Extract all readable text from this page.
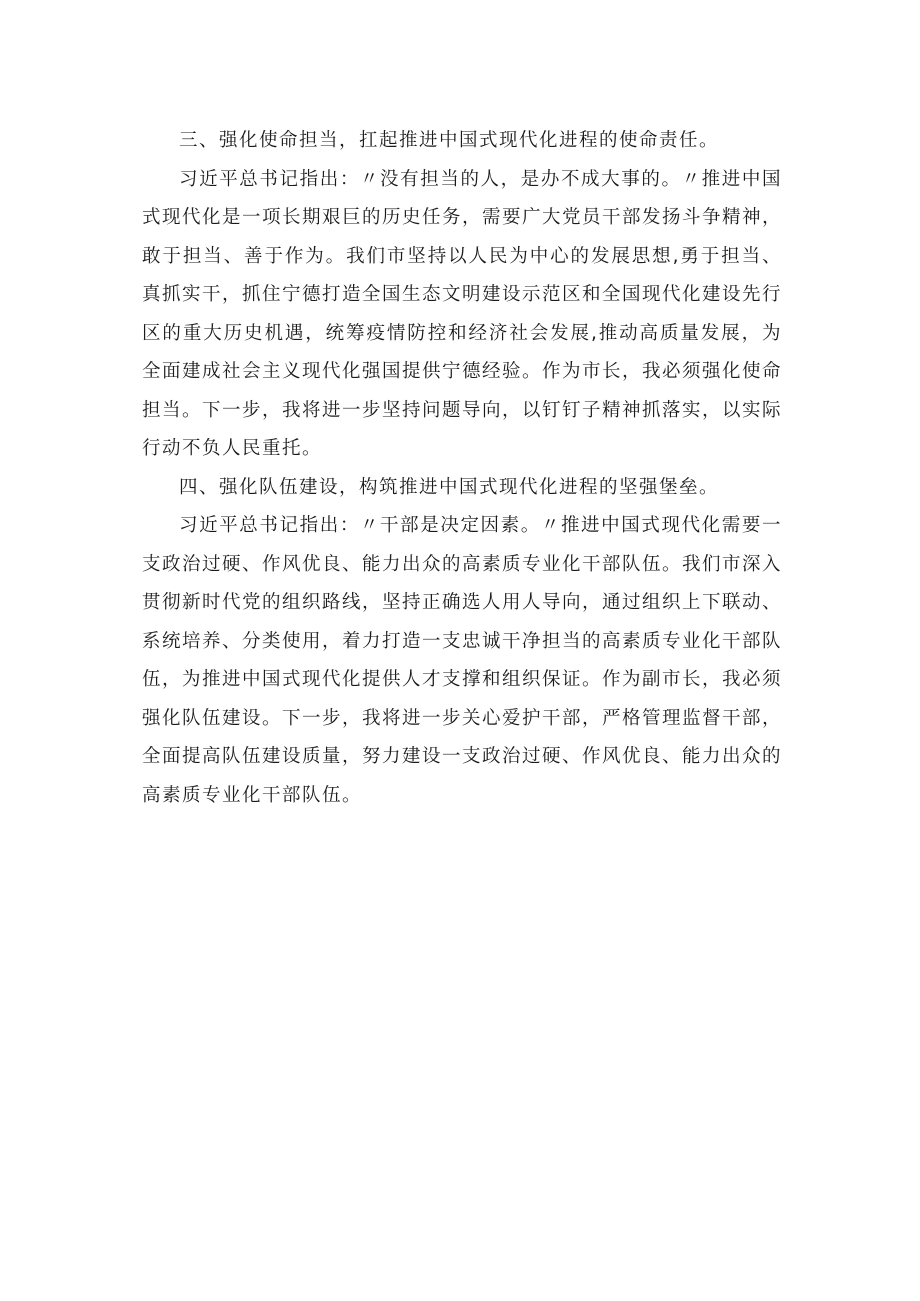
三、强化使命担当，扛起推进中国式现代化进程的使命责任。

习近平总书记指出：〃没有担当的人，是办不成大事的。〃推进中国式现代化是一项长期艰巨的历史任务，需要广大党员干部发扬斗争精神，敢于担当、善于作为。我们市坚持以人民为中心的发展思想,勇于担当、真抓实干，抓住宁德打造全国生态文明建设示范区和全国现代化建设先行区的重大历史机遇，统筹疫情防控和经济社会发展,推动高质量发展，为全面建成社会主义现代化强国提供宁德经验。作为市长，我必须强化使命担当。下一步，我将进一步坚持问题导向，以钉钉子精神抓落实，以实际行动不负人民重托。

四、强化队伍建设，构筑推进中国式现代化进程的坚强堡垒。

习近平总书记指出：〃干部是决定因素。〃推进中国式现代化需要一支政治过硬、作风优良、能力出众的高素质专业化干部队伍。我们市深入贯彻新时代党的组织路线，坚持正确选人用人导向，通过组织上下联动、系统培养、分类使用，着力打造一支忠诚干净担当的高素质专业化干部队伍，为推进中国式现代化提供人才支撑和组织保证。作为副市长，我必须强化队伍建设。下一步，我将进一步关心爱护干部，严格管理监督干部，全面提高队伍建设质量，努力建设一支政治过硬、作风优良、能力出众的高素质专业化干部队伍。
